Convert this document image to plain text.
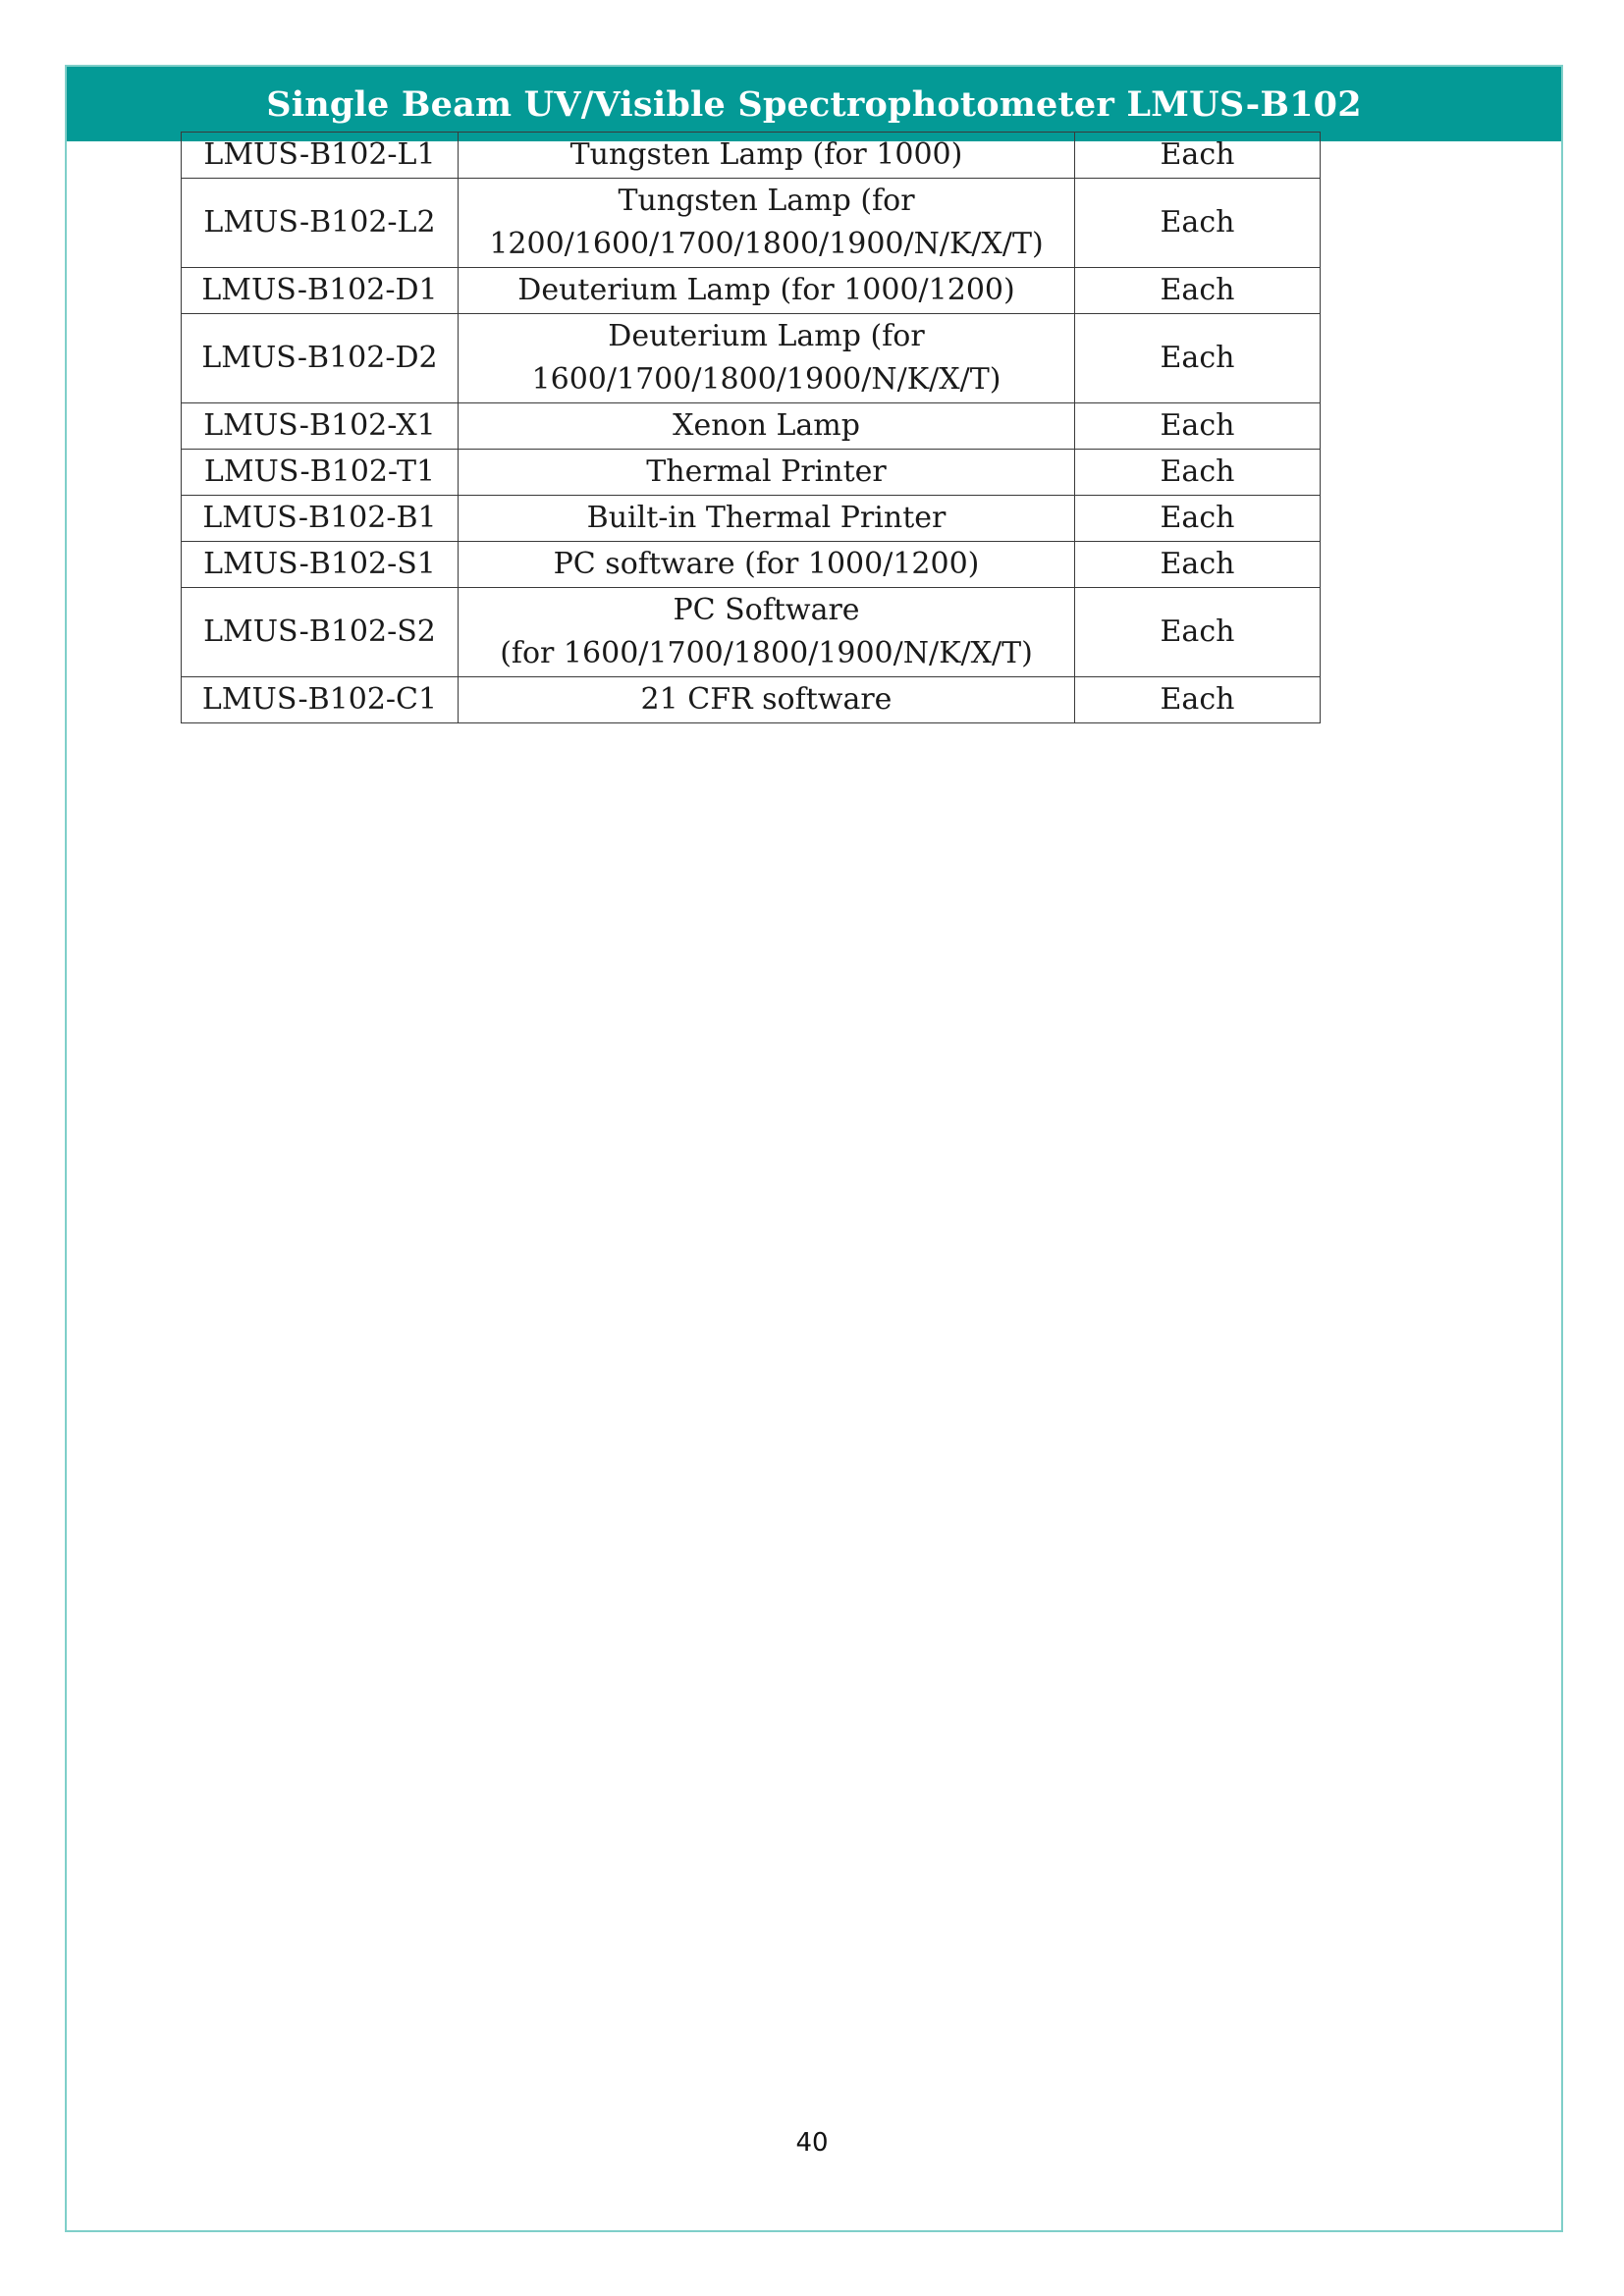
Single Beam UV/Visible Spectrophotometer LMUS-B102
LMUS-B102-L1	Tungsten Lamp (for 1000)	Each
LMUS-B102-L2	Tungsten Lamp (for
1200/1600/1700/1800/1900/N/K/X/T)	Each
LMUS-B102-D1	Deuterium Lamp (for 1000/1200)	Each
LMUS-B102-D2	Deuterium Lamp (for
1600/1700/1800/1900/N/K/X/T)	Each
LMUS-B102-X1	Xenon Lamp	Each
LMUS-B102-T1	Thermal Printer	Each
LMUS-B102-B1	Built-in Thermal Printer	Each
LMUS-B102-S1	PC software (for 1000/1200)	Each
LMUS-B102-S2	PC Software
(for 1600/1700/1800/1900/N/K/X/T)	Each
LMUS-B102-C1	21 CFR software	Each
40
